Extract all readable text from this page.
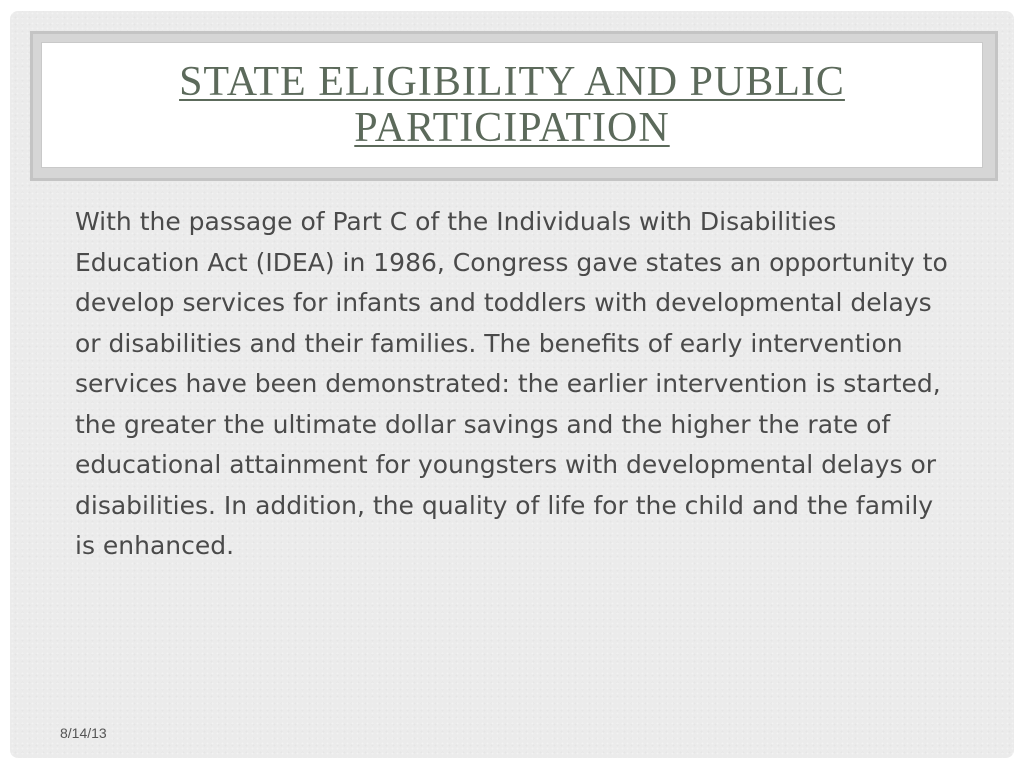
STATE ELIGIBILITY AND PUBLIC PARTICIPATION

With the passage of Part C of the Individuals with Disabilities Education Act (IDEA) in 1986, Congress gave states an opportunity to develop services for infants and toddlers with developmental delays or disabilities and their families. The benefits of early intervention services have been demonstrated: the earlier intervention is started, the greater the ultimate dollar savings and the higher the rate of educational attainment for youngsters with developmental delays or disabilities. In addition, the quality of life for the child and the family is enhanced.

8/14/13
